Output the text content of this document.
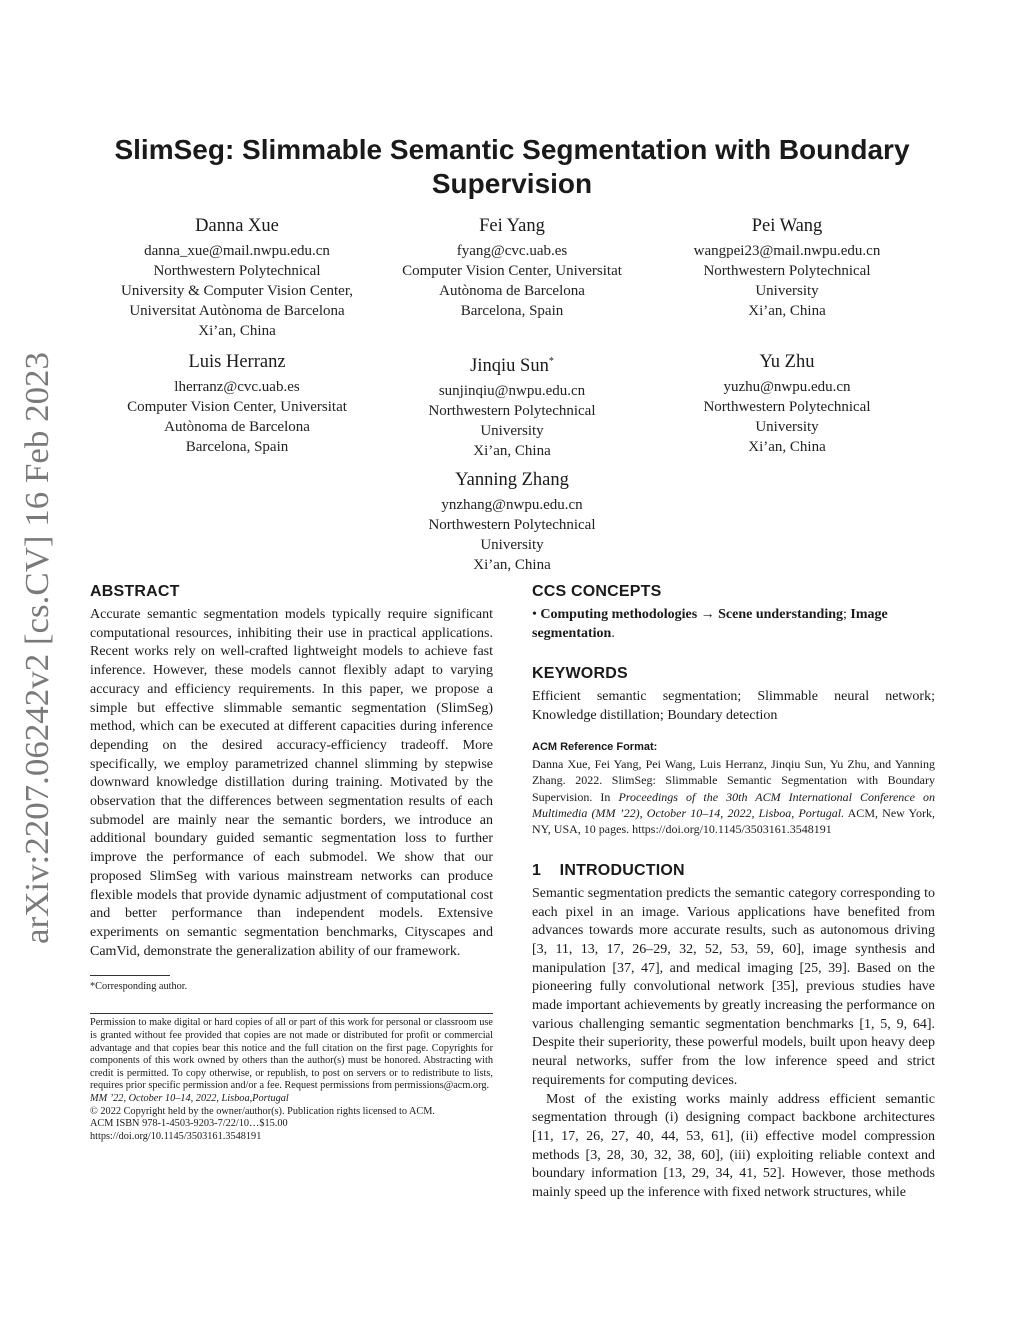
arXiv:2207.06242v2 [cs.CV] 16 Feb 2023
SlimSeg: Slimmable Semantic Segmentation with Boundary Supervision
Danna Xue
danna_xue@mail.nwpu.edu.cn
Northwestern Polytechnical
University & Computer Vision Center,
Universitat Autònoma de Barcelona
Xi’an, China
Fei Yang
fyang@cvc.uab.es
Computer Vision Center, Universitat
Autònoma de Barcelona
Barcelona, Spain
Pei Wang
wangpei23@mail.nwpu.edu.cn
Northwestern Polytechnical
University
Xi’an, China
Luis Herranz
lherranz@cvc.uab.es
Computer Vision Center, Universitat
Autònoma de Barcelona
Barcelona, Spain
Jinqiu Sun*
sunjinqiu@nwpu.edu.cn
Northwestern Polytechnical
University
Xi’an, China
Yu Zhu
yuzhu@nwpu.edu.cn
Northwestern Polytechnical
University
Xi’an, China
Yanning Zhang
ynzhang@nwpu.edu.cn
Northwestern Polytechnical
University
Xi’an, China
ABSTRACT

Accurate semantic segmentation models typically require significant computational resources, inhibiting their use in practical applications. Recent works rely on well-crafted lightweight models to achieve fast inference. However, these models cannot flexibly adapt to varying accuracy and efficiency requirements. In this paper, we propose a simple but effective slimmable semantic segmentation (SlimSeg) method, which can be executed at different capacities during inference depending on the desired accuracy-efficiency tradeoff. More specifically, we employ parametrized channel slimming by stepwise downward knowledge distillation during training. Motivated by the observation that the differences between segmentation results of each submodel are mainly near the semantic borders, we introduce an additional boundary guided semantic segmentation loss to further improve the performance of each submodel. We show that our proposed SlimSeg with various mainstream networks can produce flexible models that provide dynamic adjustment of computational cost and better performance than independent models. Extensive experiments on semantic segmentation benchmarks, Cityscapes and CamVid, demonstrate the generalization ability of our framework.

*Corresponding author.

Permission to make digital or hard copies of all or part of this work for personal or classroom use is granted without fee provided that copies are not made or distributed for profit or commercial advantage and that copies bear this notice and the full citation on the first page. Copyrights for components of this work owned by others than the author(s) must be honored. Abstracting with credit is permitted. To copy otherwise, or republish, to post on servers or to redistribute to lists, requires prior specific permission and/or a fee. Request permissions from permissions@acm.org.

MM ’22, October 10–14, 2022, Lisboa,Portugal

© 2022 Copyright held by the owner/author(s). Publication rights licensed to ACM.

ACM ISBN 978-1-4503-9203-7/22/10…$15.00

https://doi.org/10.1145/3503161.3548191

CCS CONCEPTS

• Computing methodologies → Scene understanding; Image segmentation.

KEYWORDS

Efficient semantic segmentation; Slimmable neural network; Knowledge distillation; Boundary detection

ACM Reference Format:

Danna Xue, Fei Yang, Pei Wang, Luis Herranz, Jinqiu Sun, Yu Zhu, and Yanning Zhang. 2022. SlimSeg: Slimmable Semantic Segmentation with Boundary Supervision. In Proceedings of the 30th ACM International Conference on Multimedia (MM ’22), October 10–14, 2022, Lisboa, Portugal. ACM, New York, NY, USA, 10 pages. https://doi.org/10.1145/3503161.3548191

1    INTRODUCTION

Semantic segmentation predicts the semantic category corresponding to each pixel in an image. Various applications have benefited from advances towards more accurate results, such as autonomous driving [3, 11, 13, 17, 26–29, 32, 52, 53, 59, 60], image synthesis and manipulation [37, 47], and medical imaging [25, 39]. Based on the pioneering fully convolutional network [35], previous studies have made important achievements by greatly increasing the performance on various challenging semantic segmentation benchmarks [1, 5, 9, 64]. Despite their superiority, these powerful models, built upon heavy deep neural networks, suffer from the low inference speed and strict requirements for computing devices.

Most of the existing works mainly address efficient semantic segmentation through (i) designing compact backbone architectures [11, 17, 26, 27, 40, 44, 53, 61], (ii) effective model compression methods [3, 28, 30, 32, 38, 60], (iii) exploiting reliable context and boundary information [13, 29, 34, 41, 52]. However, those methods mainly speed up the inference with fixed network structures, while
